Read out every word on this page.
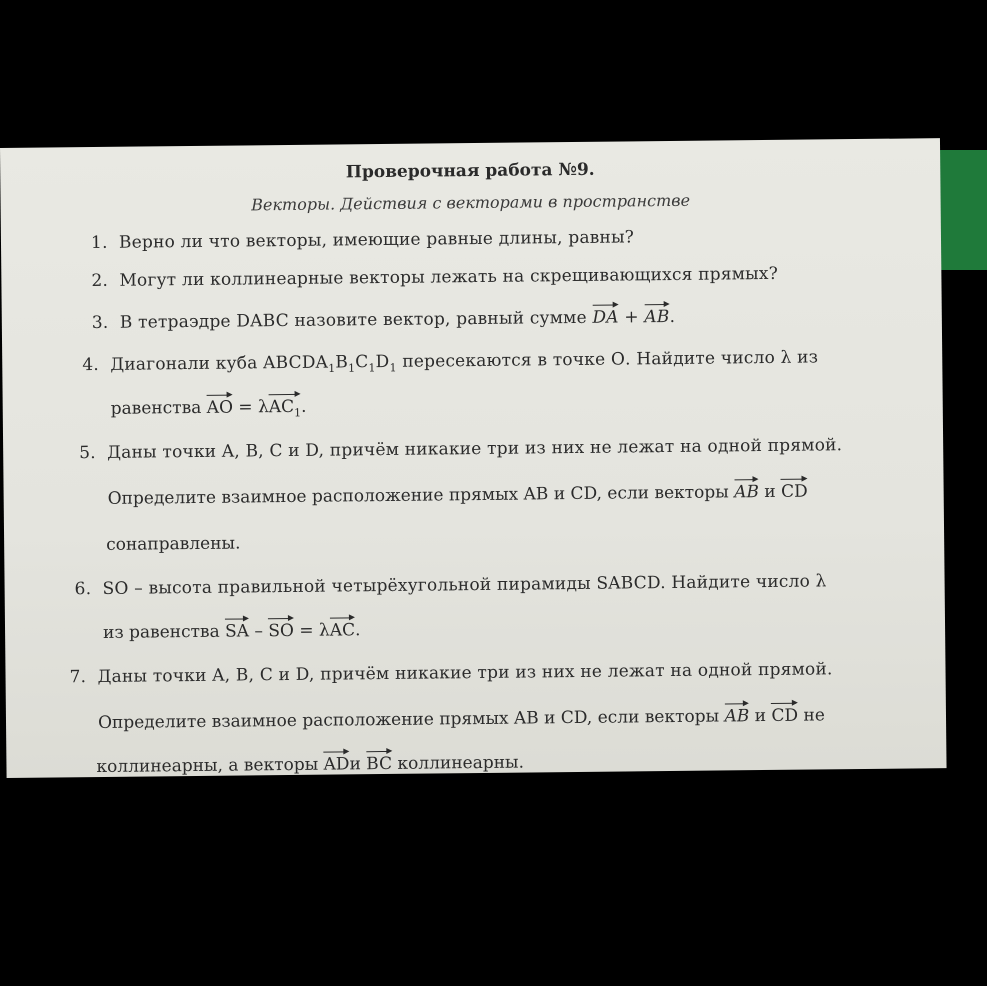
Проверочная работа №9.
Векторы. Действия с векторами в пространстве
1. Верно ли что векторы, имеющие равные длины, равны?
2. Могут ли коллинеарные векторы лежать на скрещивающихся прямых?
3. В тетраэдре DABC назовите вектор, равный сумме DA + AB.
4. Диагонали куба $ABCDA_1B_1C_1D_1$ пересекаются в точке О. Найдите число λ из
равенства AO = λAC$_1$.
5. Даны точки A, B, C и D, причём никакие три из них не лежат на одной прямой.
Определите взаимное расположение прямых AB и CD, если векторы AB и CD
сонаправлены.
6. SO – высота правильной четырёхугольной пирамиды SABCD. Найдите число λ
из равенства SA – SO = λAC.
7. Даны точки A, B, C и D, причём никакие три из них не лежат на одной прямой.
Определите взаимное расположение прямых AB и CD, если векторы AB и CD не
коллинеарны, а векторы ADи BC коллинеарны.
